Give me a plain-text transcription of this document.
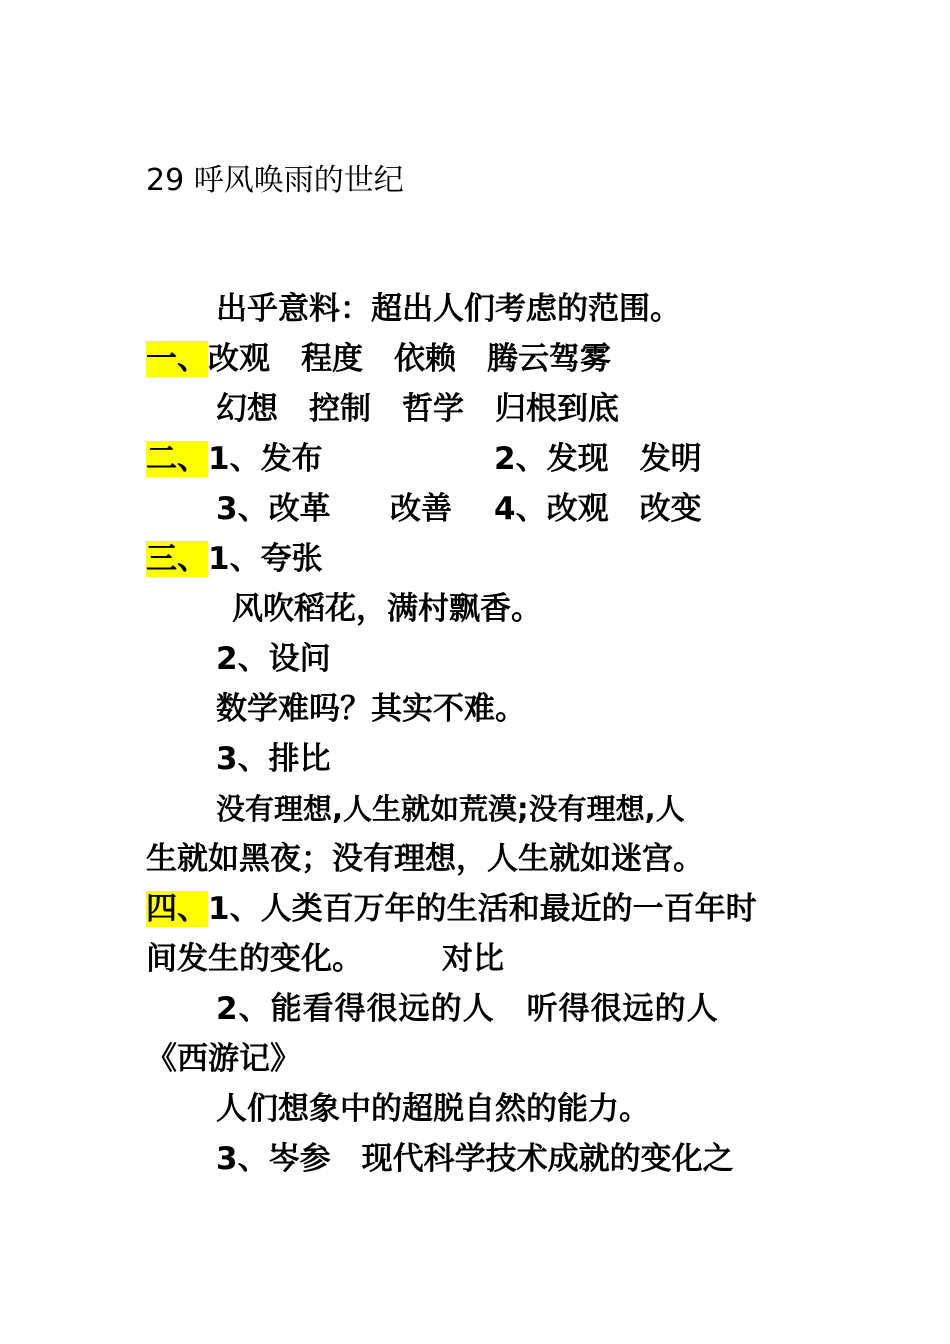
29 呼风唤雨的世纪
出乎意料：超出人们考虑的范围。
一、改观　程度　依赖　腾云驾雾
幻想　控制　哲学　归根到底
二、1、发布	2、发现　发明
3、改革 改善 4、改观　改变
三、1、夸张
风吹稻花，满村飘香。
2、设问
数学难吗？其实不难。
3、排比
没有理想,人生就如荒漠;没有理想,人
生就如黑夜；没有理想，人生就如迷宫。
四、1、人类百万年的生活和最近的一百年时
间发生的变化。	对比
2、能看得很远的人　听得很远的人
《西游记》
人们想象中的超脱自然的能力。
3、岑参　现代科学技术成就的变化之
